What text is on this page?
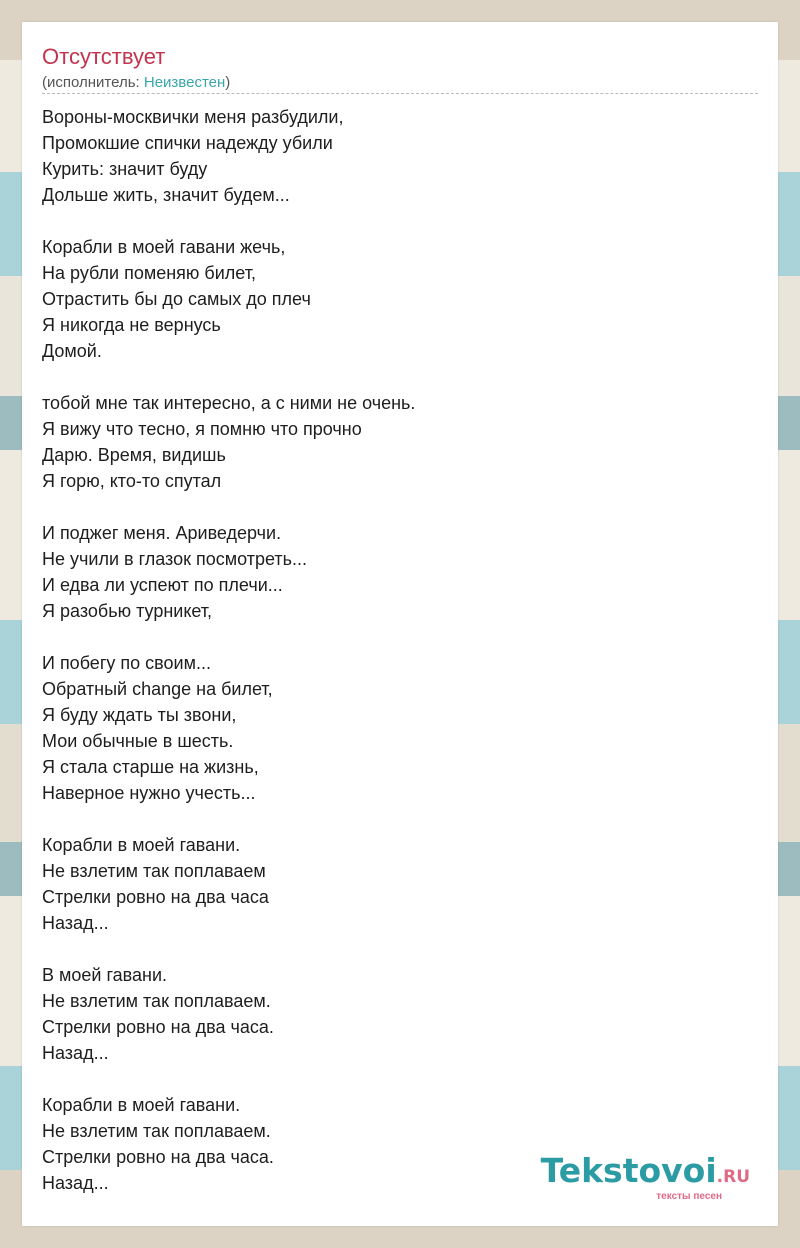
Отсутствует
(исполнитель: Неизвестен)
Вороны-москвички меня разбудили,
Промокшие спички надежду убили
Курить: значит буду
Дольше жить, значит будем...
Корабли в моей гавани жечь,
На рубли поменяю билет,
Отрастить бы до самых до плеч
Я никогда не вернусь
Домой.
тобой мне так интересно, а с ними не очень.
Я вижу что тесно, я помню что прочно
Дарю. Время, видишь
Я горю, кто-то спутал
И поджег меня. Ариведерчи.
Не учили в глазок посмотреть...
И едва ли успеют по плечи...
Я разобью турникет,
И побегу по своим...
Обратный change на билет,
Я буду ждать ты звони,
Мои обычные в шесть.
Я стала старше на жизнь,
Наверное нужно учесть...
Корабли в моей гавани.
Не взлетим так поплаваем
Стрелки ровно на два часа
Назад...
В моей гавани.
Не взлетим так поплаваем.
Стрелки ровно на два часа.
Назад...
Корабли в моей гавани.
Не взлетим так поплаваем.
Стрелки ровно на два часа.
Назад...	Tekstovoi.RU
тексты песен
